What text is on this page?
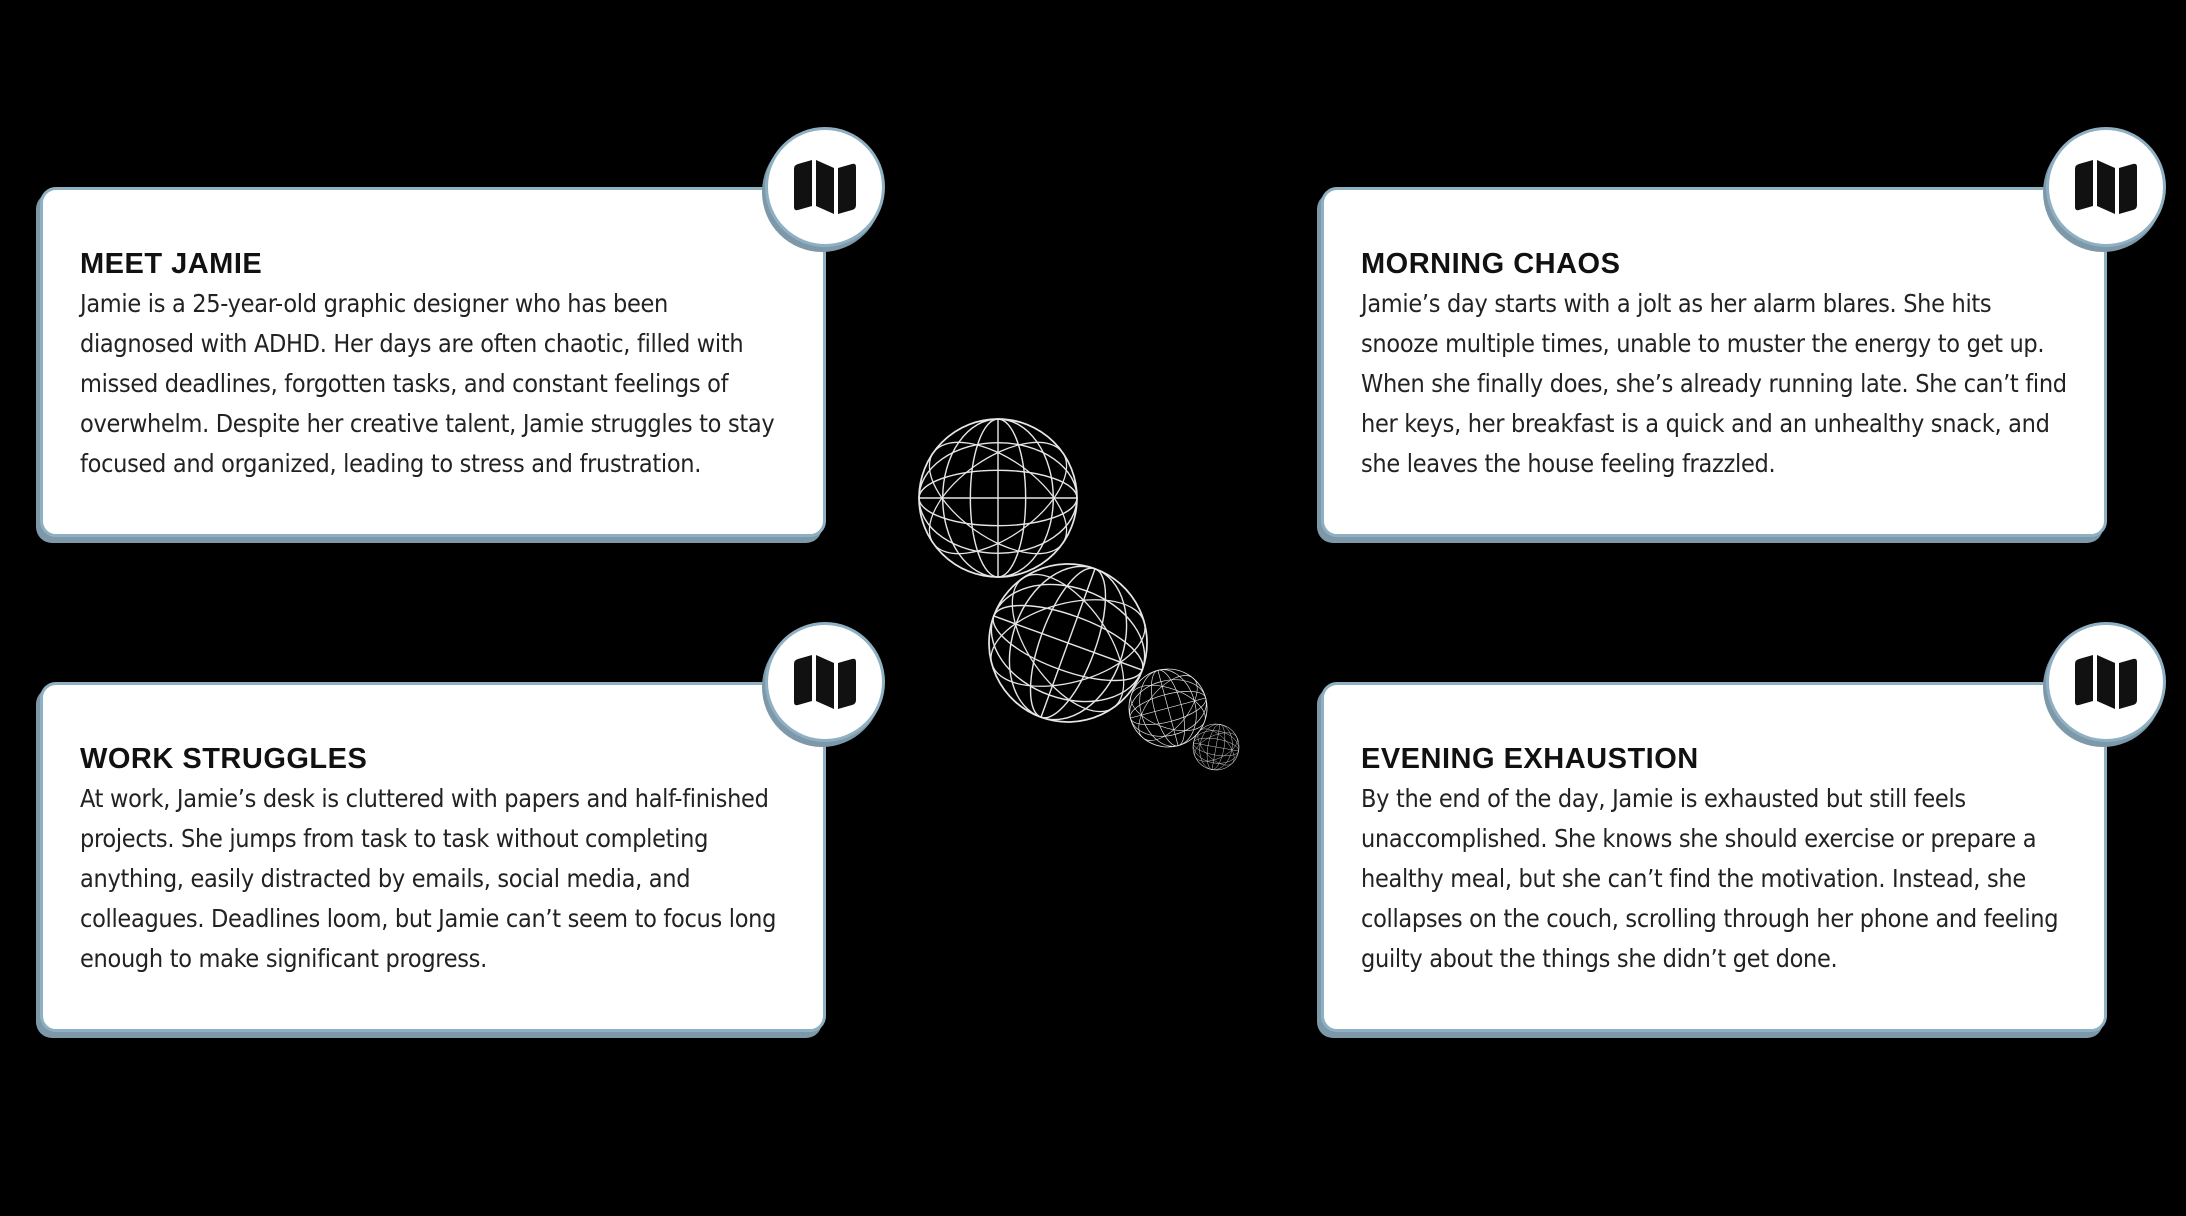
MEET JAMIE

Jamie is a 25-year-old graphic designer who has been
diagnosed with ADHD. Her days are often chaotic, filled with
missed deadlines, forgotten tasks, and constant feelings of
overwhelm. Despite her creative talent, Jamie struggles to stay
focused and organized, leading to stress and frustration.

MORNING CHAOS

Jamie’s day starts with a jolt as her alarm blares. She hits
snooze multiple times, unable to muster the energy to get up.
When she finally does, she’s already running late. She can’t find
her keys, her breakfast is a quick and an unhealthy snack, and
she leaves the house feeling frazzled.

WORK STRUGGLES

At work, Jamie’s desk is cluttered with papers and half-finished
projects. She jumps from task to task without completing
anything, easily distracted by emails, social media, and
colleagues. Deadlines loom, but Jamie can’t seem to focus long
enough to make significant progress.

EVENING EXHAUSTION

By the end of the day, Jamie is exhausted but still feels
unaccomplished. She knows she should exercise or prepare a
healthy meal, but she can’t find the motivation. Instead, she
collapses on the couch, scrolling through her phone and feeling
guilty about the things she didn’t get done.
